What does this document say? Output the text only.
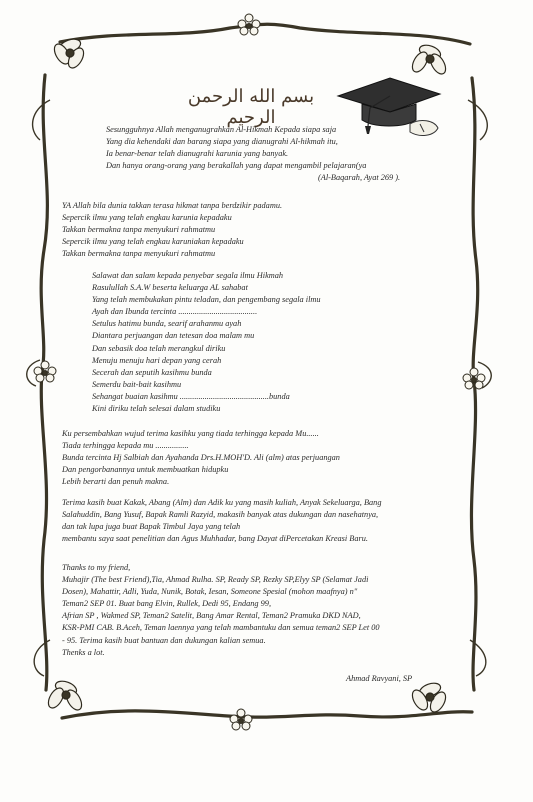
بسم الله الرحمن الرحيم
Sesungguhnya Allah menganugrahkan Al-Hikmah Kepada siapa saja
Yang dia kehendaki dan barang siapa yang dianugrahi Al-hikmah itu,
Ia benar-benar telah dianugrahi karunia yang banyak.
Dan hanya orang-orang yang berakallah yang dapat mengambil pelajaran(ya
(Al-Baqarah, Ayat 269 ).
YA Allah bila dunia takkan terasa hikmat tanpa berdzikir padamu.
Sepercik ilmu yang telah engkau karunia kepadaku
Takkan bermakna tanpa menyukuri rahmatmu
Sepercik ilmu yang telah engkau karuniakan kepadaku
Takkan bermakna tanpa menyukuri rahmatmu
Salawat dan salam kepada penyebar segala ilmu Hikmah
Rasulullah S.A.W beserta keluarga AL sahabat
Yang telah membukakan pintu teladan, dan pengembang segala ilmu
Ayah dan Ibunda tercinta ......................................
Setulus hatimu bunda, searif arahanmu ayah
Diantara perjuangan dan tetesan doa malam mu
Dan sebasik doa telah merangkul diriku
Menuju menuju hari depan yang cerah
Secerah dan seputih kasihmu bunda
Semerdu bait-bait kasihmu
Sehangat buaian kasihmu ...........................................bunda
Kini diriku telah selesai dalam studiku
Ku persembahkan wujud terima kasihku yang tiada terhingga kepada Mu......
Tiada terhingga kepada mu ................
Bunda tercinta Hj Salbiah dan Ayahanda Drs.H.MOH'D. Ali (alm) atas perjuangan
Dan pengorbanannya untuk membuatkan hidupku
Lebih berarti dan penuh makna.
Terima kasih buat Kakak, Abang (Alm) dan Adik ku yang masih kuliah, Anyak Sekeluarga, Bang
Salahuddin, Bang Yusuf, Bapak Ramli Razyid, makasih banyak atas dukungan dan nasehatnya,
dan tak lupa juga buat Bapak Timbul Jaya yang telah
membantu saya saat penelitian dan Agus Muhhadar, bang Dayat diPercetakan Kreasi Baru.
Thanks to my friend,
Muhajir (The best Friend),Tia, Ahmad Rulha. SP, Ready SP, Rezky SP,Elyy SP (Selamat Jadi
Dosen), Mahattir, Adli, Yuda, Nunik, Botak, Iesan, Someone Spesial (mohon maafnya) n"
Teman2 SEP 01. Buat bang Elvin, Rullek, Dedi 95, Endang 99,
Afrian SP , Wakmed SP, Teman2 Satelit, Bang Amar Rental, Teman2 Pramuka DKD NAD,
KSR-PMI CAB. B.Aceh, Teman laennya yang telah mambantuku dan semua teman2 SEP Let 00
- 95. Terima kasih buat bantuan dan dukungan kalian semua.
Thenks a lot.
Ahmad Ravyani, SP
